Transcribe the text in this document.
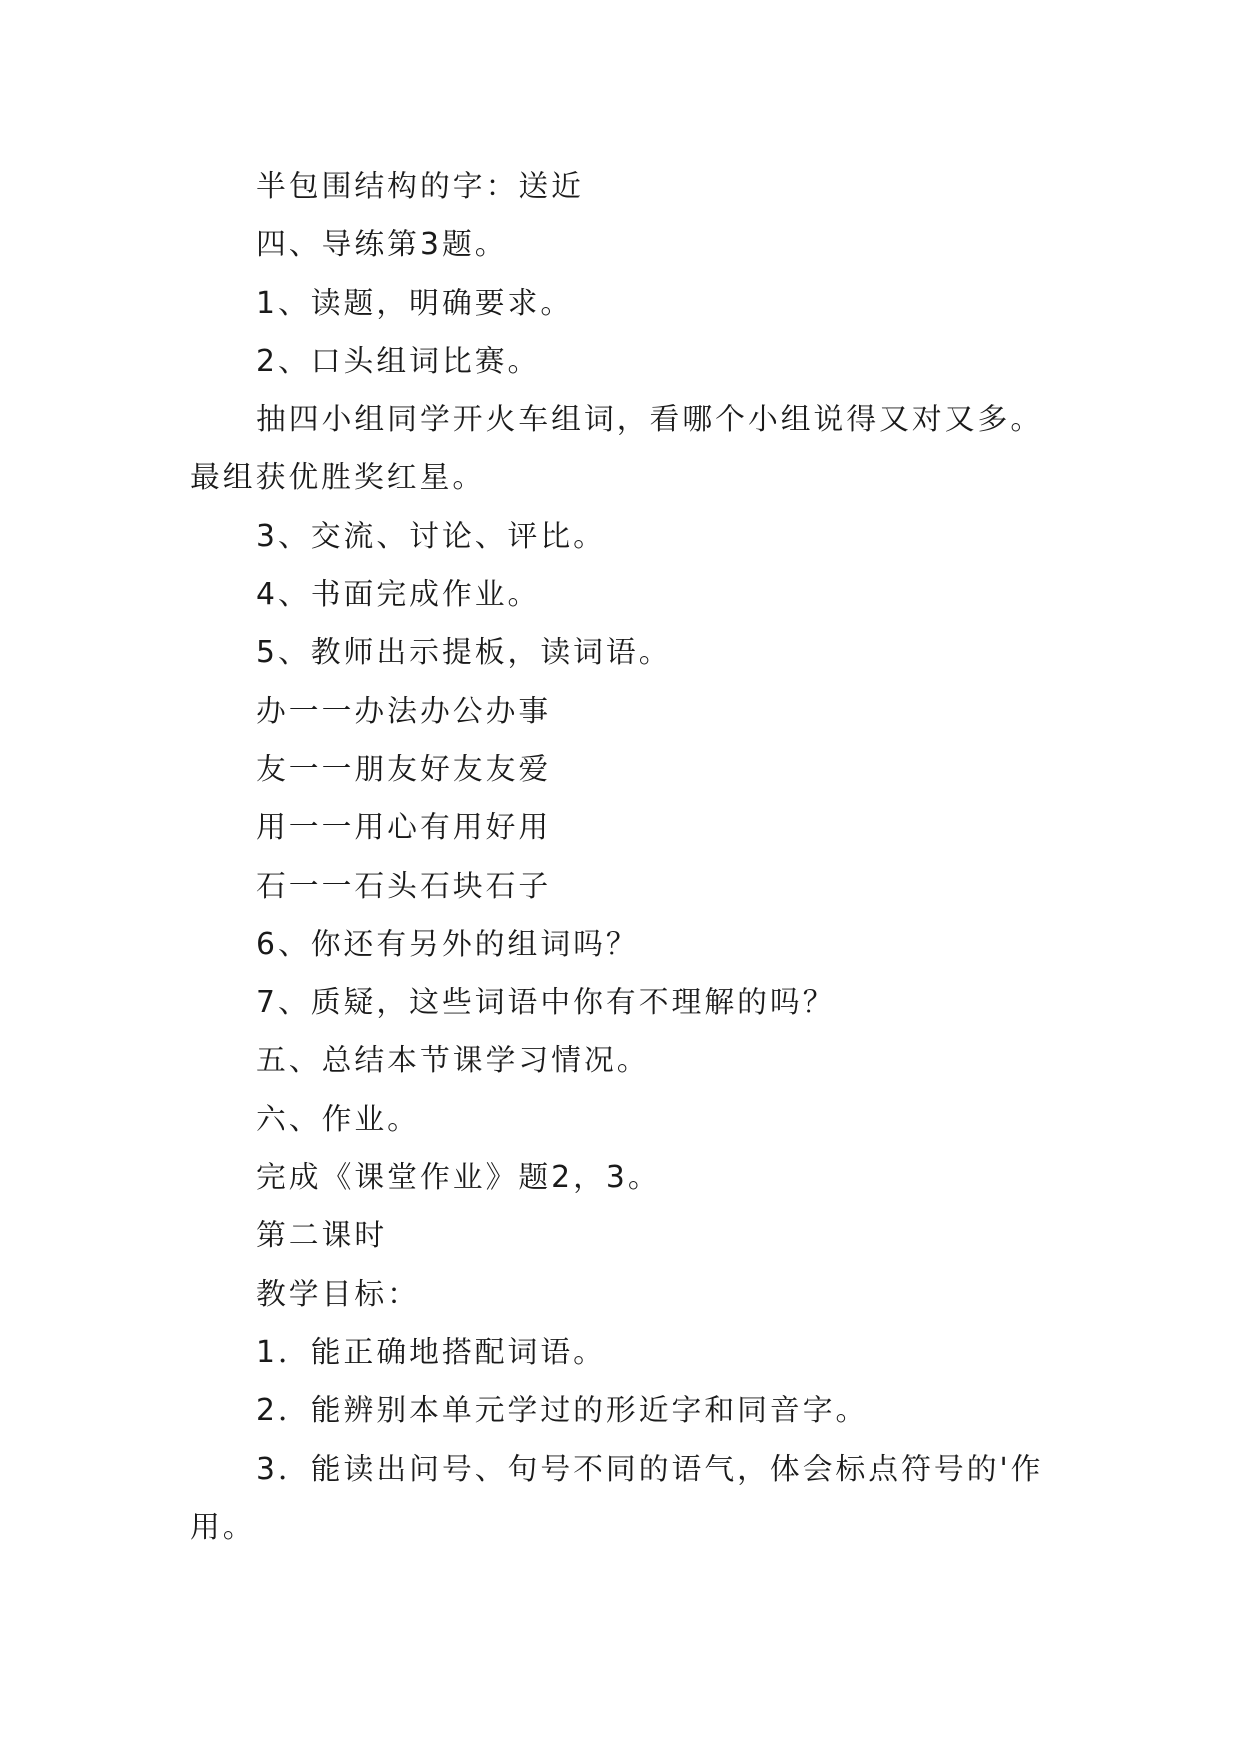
半包围结构的字：送近
四、导练第3题。
1、读题，明确要求。
2、口头组词比赛。
抽四小组同学开火车组词，看哪个小组说得又对又多。
最组获优胜奖红星。
3、交流、讨论、评比。
4、书面完成作业。
5、教师出示提板，读词语。
办一一办法办公办事
友一一朋友好友友爱
用一一用心有用好用
石一一石头石块石子
6、你还有另外的组词吗？
7、质疑，这些词语中你有不理解的吗？
五、总结本节课学习情况。
六、作业。
完成《课堂作业》题2，3。
第二课时
教学目标：
1．能正确地搭配词语。
2．能辨别本单元学过的形近字和同音字。
3．能读出问号、句号不同的语气，体会标点符号的'作
用。
